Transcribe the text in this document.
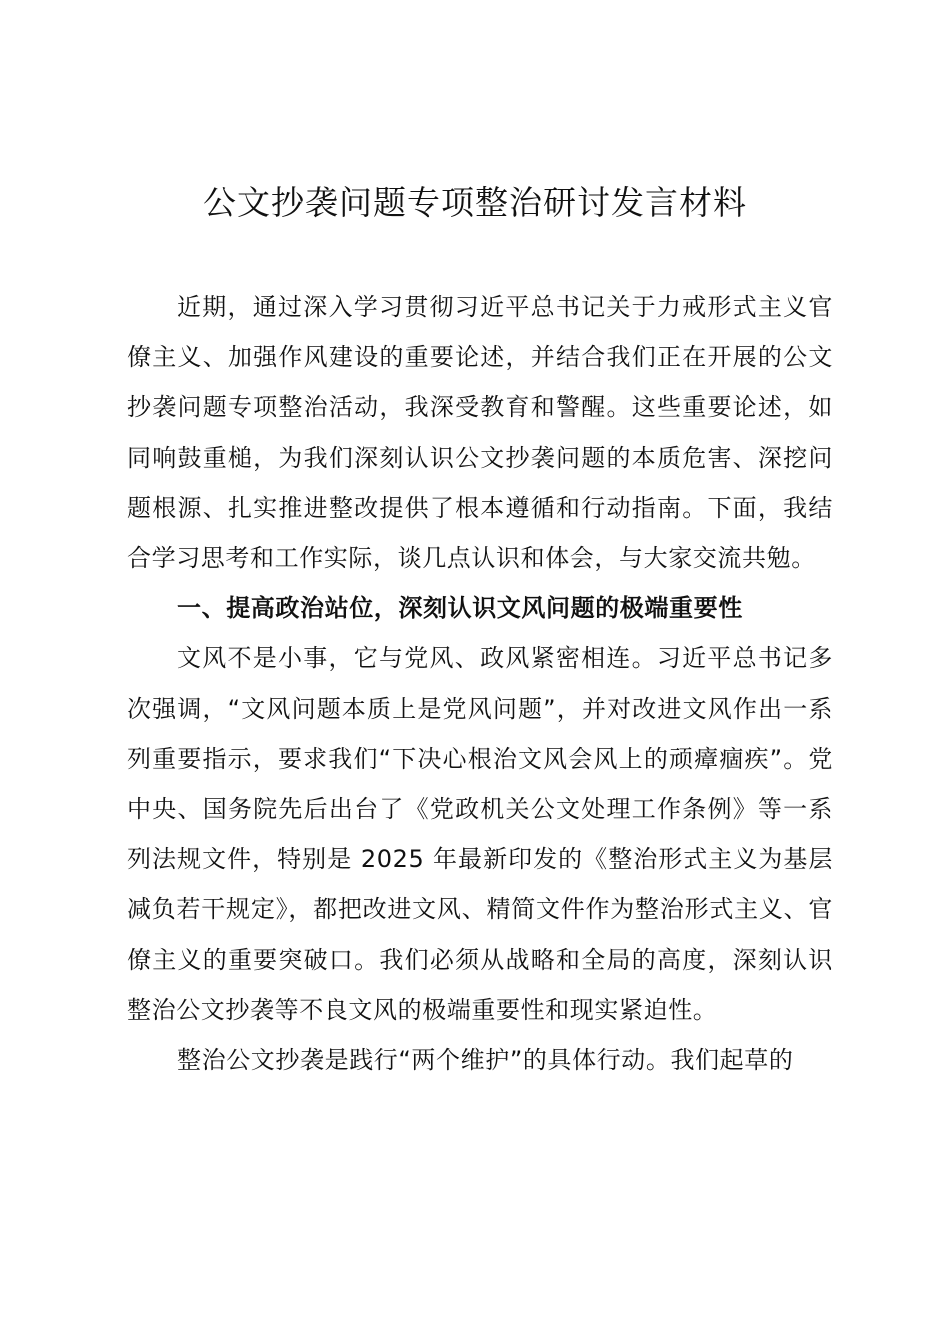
公文抄袭问题专项整治研讨发言材料

近期，通过深入学习贯彻习近平总书记关于力戒形式主义官僚主义、加强作风建设的重要论述，并结合我们正在开展的公文抄袭问题专项整治活动，我深受教育和警醒。这些重要论述，如同响鼓重槌，为我们深刻认识公文抄袭问题的本质危害、深挖问题根源、扎实推进整改提供了根本遵循和行动指南。下面，我结合学习思考和工作实际，谈几点认识和体会，与大家交流共勉。

一、提高政治站位，深刻认识文风问题的极端重要性

文风不是小事，它与党风、政风紧密相连。习近平总书记多次强调，“文风问题本质上是党风问题”，并对改进文风作出一系列重要指示，要求我们“下决心根治文风会风上的顽瘴痼疾”。党中央、国务院先后出台了《党政机关公文处理工作条例》等一系列法规文件，特别是 2025 年最新印发的《整治形式主义为基层减负若干规定》，都把改进文风、精简文件作为整治形式主义、官僚主义的重要突破口。我们必须从战略和全局的高度，深刻认识整治公文抄袭等不良文风的极端重要性和现实紧迫性。

整治公文抄袭是践行“两个维护”的具体行动。我们起草的
